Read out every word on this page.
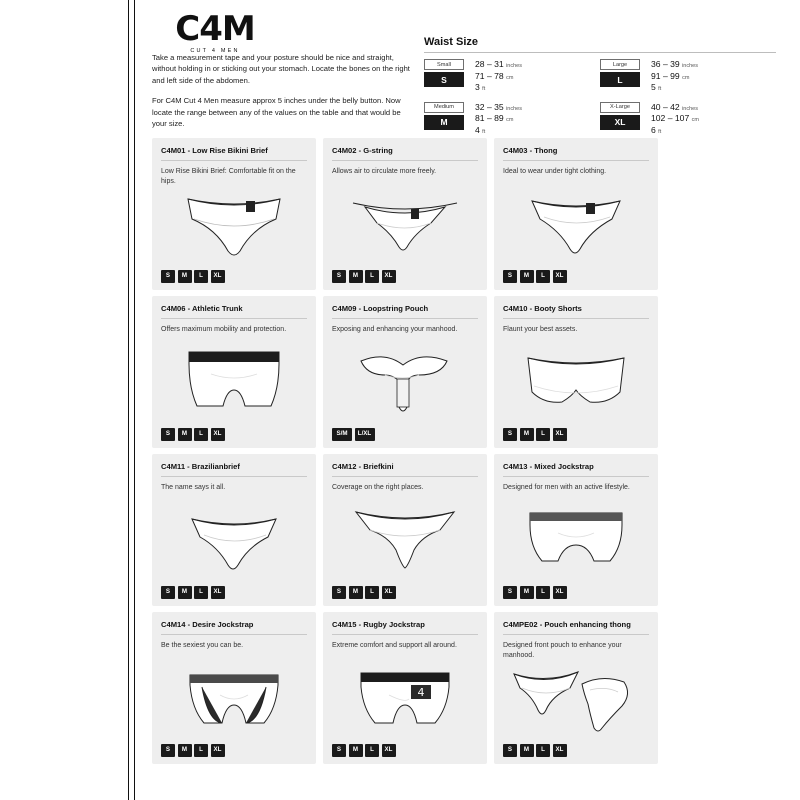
C4M
CUT 4 MEN

Take a measurement tape and your posture should be nice and straight, without holding in or sticking out your stomach. Locate the bones on the right and left side of the abdomen.

For C4M Cut 4 Men measure approx 5 inches under the belly button. Now locate the range between any of the values on the table and that would be your size.

Waist Size
Small
S
28 – 31 inches
71 – 78 cm
3 ft
Medium
M
32 – 35 inches
81 – 89 cm
4 ft
Large
L
36 – 39 inches
91 – 99 cm
5 ft
X-Large
XL
40 – 42 inches
102 – 107 cm
6 ft
C4M01 - Low Rise Bikini Brief
Low Rise Bikini Brief: Comfortable fit on the hips.
S	M	L	XL
C4M02 - G-string
Allows air to circulate more freely.
S	M	L	XL
C4M03 - Thong
Ideal to wear under tight clothing.
S	M	L	XL
C4M06 - Athletic Trunk
Offers maximum mobility and protection.
S	M	L	XL
C4M09 - Loopstring Pouch
Exposing and enhancing your manhood.
S/M	L/XL
C4M10 - Booty Shorts
Flaunt your best assets.
S	M	L	XL
C4M11 - Brazilianbrief
The name says it all.
S	M	L	XL
C4M12 - Briefkini
Coverage on the right places.
S	M	L	XL
C4M13 - Mixed Jockstrap
Designed for men with an active lifestyle.
S	M	L	XL
C4M14 - Desire Jockstrap
Be the sexiest you can be.
S	M	L	XL
C4M15 - Rugby Jockstrap
Extreme comfort and support all around.
4
S	M	L	XL
C4MPE02 - Pouch enhancing thong
Designed front pouch to enhance your manhood.
S	M	L	XL
